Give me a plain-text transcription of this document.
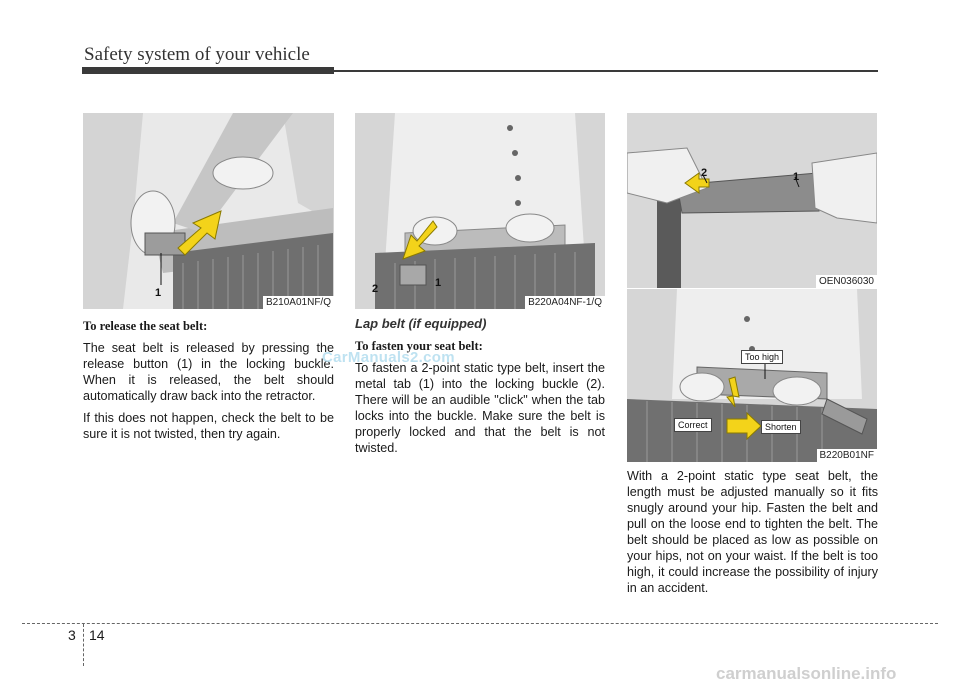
Safety system of your vehicle
1
B210A01NF/Q
2	1
B220A04NF-1/Q
2	1
OEN036030
Too high
Correct	Shorten
B220B01NF

To release the seat belt:

The seat belt is released by pressing the release button (1) in the locking buckle. When it is released, the belt should automatically draw back into the retractor.

If this does not happen, check the belt to be sure it is not twisted, then try again.

Lap belt (if equipped)

To fasten your seat belt:

To fasten a 2-point static type belt, insert the metal tab (1) into the locking buckle (2). There will be an audible "click" when the tab locks into the buckle. Make sure the belt is properly locked and that the belt is not twisted.

With a 2-point static type seat belt, the length must be adjusted manually so it fits snugly around your hip. Fasten the belt and pull on the loose end to tighten the belt. The belt should be placed as low as possible on your hips, not on your waist. If the belt is too high, it could increase the possibility of injury in an accident.

CarManuals2.com
3 14
carmanualsonline.info
